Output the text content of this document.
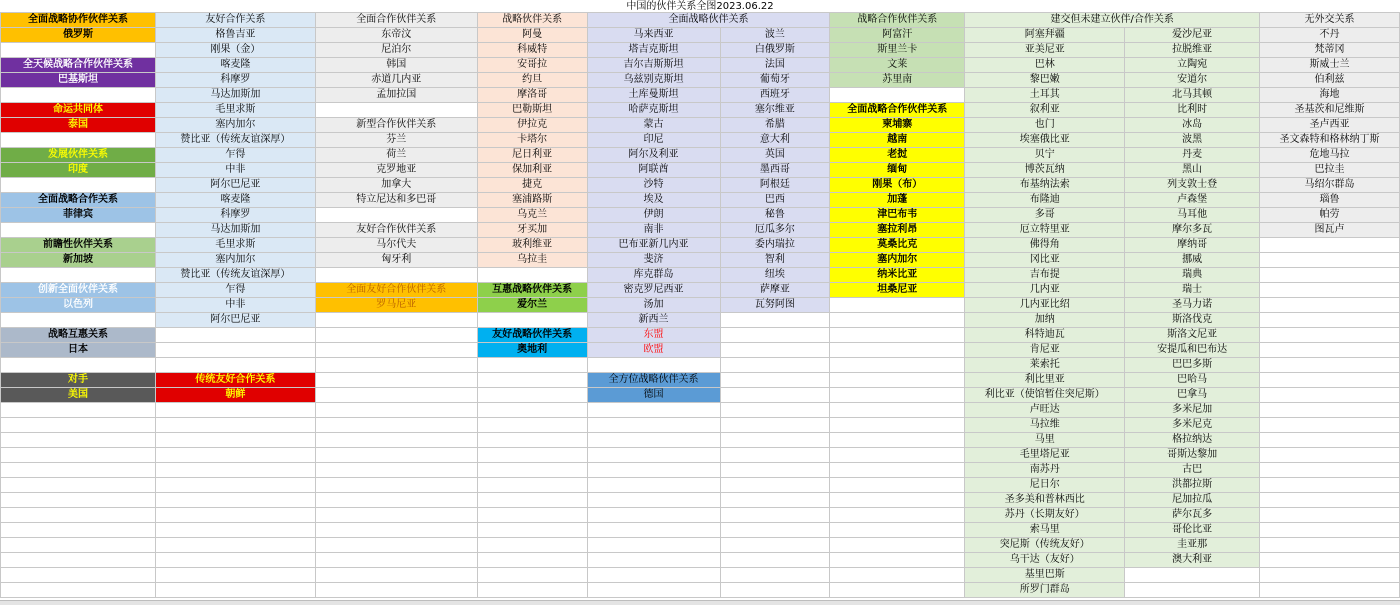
中国的伙伴关系全图2023.06.22
全面战略协作伙伴关系	友好合作关系	全面合作伙伴关系	战略伙伴关系	全面战略伙伴关系		战略合作伙伴关系	建交但未建立伙伴/合作关系		无外交关系
俄罗斯	格鲁吉亚	东帝汶	阿曼	马来西亚	波兰	阿富汗	阿塞拜疆	爱沙尼亚	不丹
	刚果（金）	尼泊尔	科威特	塔吉克斯坦	白俄罗斯	斯里兰卡	亚美尼亚	拉脱维亚	梵蒂冈
全天候战略合作伙伴关系	喀麦隆	韩国	安哥拉	吉尔吉斯斯坦	法国	文莱	巴林	立陶宛	斯威士兰
巴基斯坦	科摩罗	赤道几内亚	约旦	乌兹别克斯坦	葡萄牙	苏里南	黎巴嫩	安道尔	伯利兹
	马达加斯加	孟加拉国	摩洛哥	土库曼斯坦	西班牙		土耳其	北马其顿	海地
命运共同体	毛里求斯		巴勒斯坦	哈萨克斯坦	塞尔维亚	全面战略合作伙伴关系	叙利亚	比利时	圣基茨和尼维斯
泰国	塞内加尔	新型合作伙伴关系	伊拉克	蒙古	希腊	柬埔寨	也门	冰岛	圣卢西亚
	赞比亚（传统友谊深厚）	芬兰	卡塔尔	印尼	意大利	越南	埃塞俄比亚	波黑	圣文森特和格林纳丁斯
发展伙伴关系	乍得	荷兰	尼日利亚	阿尔及利亚	英国	老挝	贝宁	丹麦	危地马拉
印度	中非	克罗地亚	保加利亚	阿联酋	墨西哥	缅甸	博茨瓦纳	黑山	巴拉圭
	阿尔巴尼亚	加拿大	捷克	沙特	阿根廷	刚果（布）	布基纳法索	列支敦士登	马绍尔群岛
全面战略合作关系	喀麦隆	特立尼达和多巴哥	塞浦路斯	埃及	巴西	加蓬	布隆迪	卢森堡	瑙鲁
菲律宾	科摩罗		乌克兰	伊朗	秘鲁	津巴布韦	多哥	马耳他	帕劳
	马达加斯加	友好合作伙伴关系	牙买加	南非	厄瓜多尔	塞拉利昂	厄立特里亚	摩尔多瓦	图瓦卢
前瞻性伙伴关系	毛里求斯	马尔代夫	玻利维亚	巴布亚新几内亚	委内瑞拉	莫桑比克	佛得角	摩纳哥	
新加坡	塞内加尔	匈牙利	乌拉圭	斐济	智利	塞内加尔	冈比亚	挪威	
	赞比亚（传统友谊深厚）			库克群岛	纽埃	纳米比亚	吉布提	瑞典	
创新全面伙伴关系	乍得	全面友好合作伙伴关系	互惠战略伙伴关系	密克罗尼西亚	萨摩亚	坦桑尼亚	几内亚	瑞士	
以色列	中非	罗马尼亚	爱尔兰	汤加	瓦努阿图		几内亚比绍	圣马力诺	
	阿尔巴尼亚			新西兰			加纳	斯洛伐克	
战略互惠关系			友好战略伙伴关系	东盟			科特迪瓦	斯洛文尼亚	
日本			奥地利	欧盟			肯尼亚	安提瓜和巴布达	
							莱索托	巴巴多斯	
对手	传统友好合作关系			全方位战略伙伴关系			利比里亚	巴哈马	
美国	朝鲜			德国			利比亚（使馆暂住突尼斯）	巴拿马	
							卢旺达	多米尼加	
							马拉维	多米尼克	
							马里	格拉纳达	
							毛里塔尼亚	哥斯达黎加	
							南苏丹	古巴	
							尼日尔	洪都拉斯	
							圣多美和普林西比	尼加拉瓜	
							苏丹（长期友好）	萨尔瓦多	
							索马里	哥伦比亚	
							突尼斯（传统友好）	圭亚那	
							乌干达（友好）	澳大利亚	
							基里巴斯		
							所罗门群岛		
